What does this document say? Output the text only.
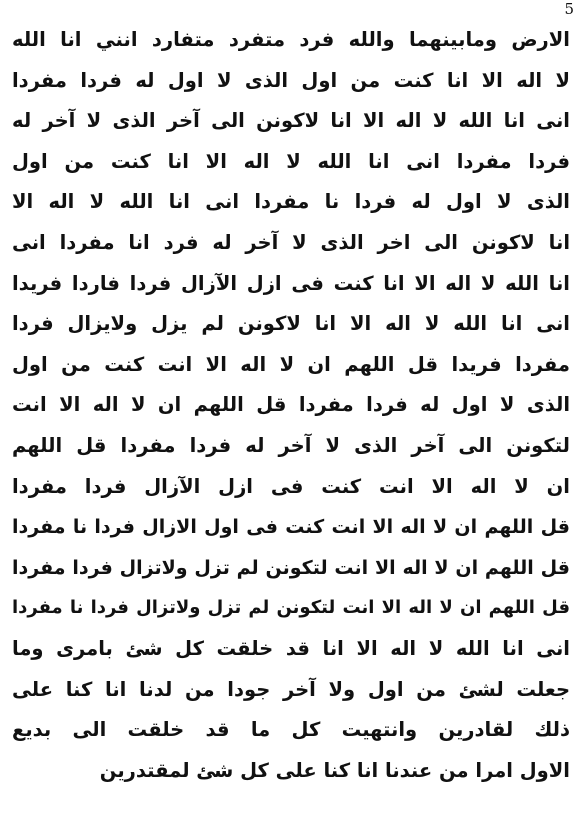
5
الارض ومابينهما والله فرد متفرد متفارد انني انا الله
لا اله الا انا كنت من اول الذى لا اول له فردا مفردا
انى انا الله لا اله الا انا لاكونن الى آخر الذى لا آخر له
فردا مفردا انى انا الله لا اله الا انا كنت من اول
الذى لا اول له فردا نا مفردا انى انا الله لا اله الا
انا لاكونن الى اخر الذى لا آخر له فرد انا مفردا انى
انا الله لا اله الا انا كنت فى ازل الآزال فردا فاردا فريدا
انى انا الله لا اله الا انا لاكونن لم يزل ولايزال فردا
مفردا فريدا قل اللهم ان لا اله الا انت كنت من اول
الذى لا اول له فردا مفردا قل اللهم ان لا اله الا انت
لتكونن الى آخر الذى لا آخر له فردا مفردا قل اللهم
ان لا اله الا انت كنت فى ازل الآزال فردا مفردا
قل اللهم ان لا اله الا انت كنت فى اول الازال فردا نا مفردا
قل اللهم ان لا اله الا انت لتكونن لم تزل ولاتزال فردا مفردا
قل اللهم ان لا اله الا انت لتكونن لم تزل ولاتزال فردا نا مفردا
انى انا الله لا اله الا انا قد خلقت كل شئ بامرى وما
جعلت لشئ من اول ولا آخر جودا من لدنا انا كنا على
ذلك لقادرين وانتهيت كل ما قد خلقت الى بديع
الاول امرا من عندنا انا كنا على كل شئ لمقتدرين
